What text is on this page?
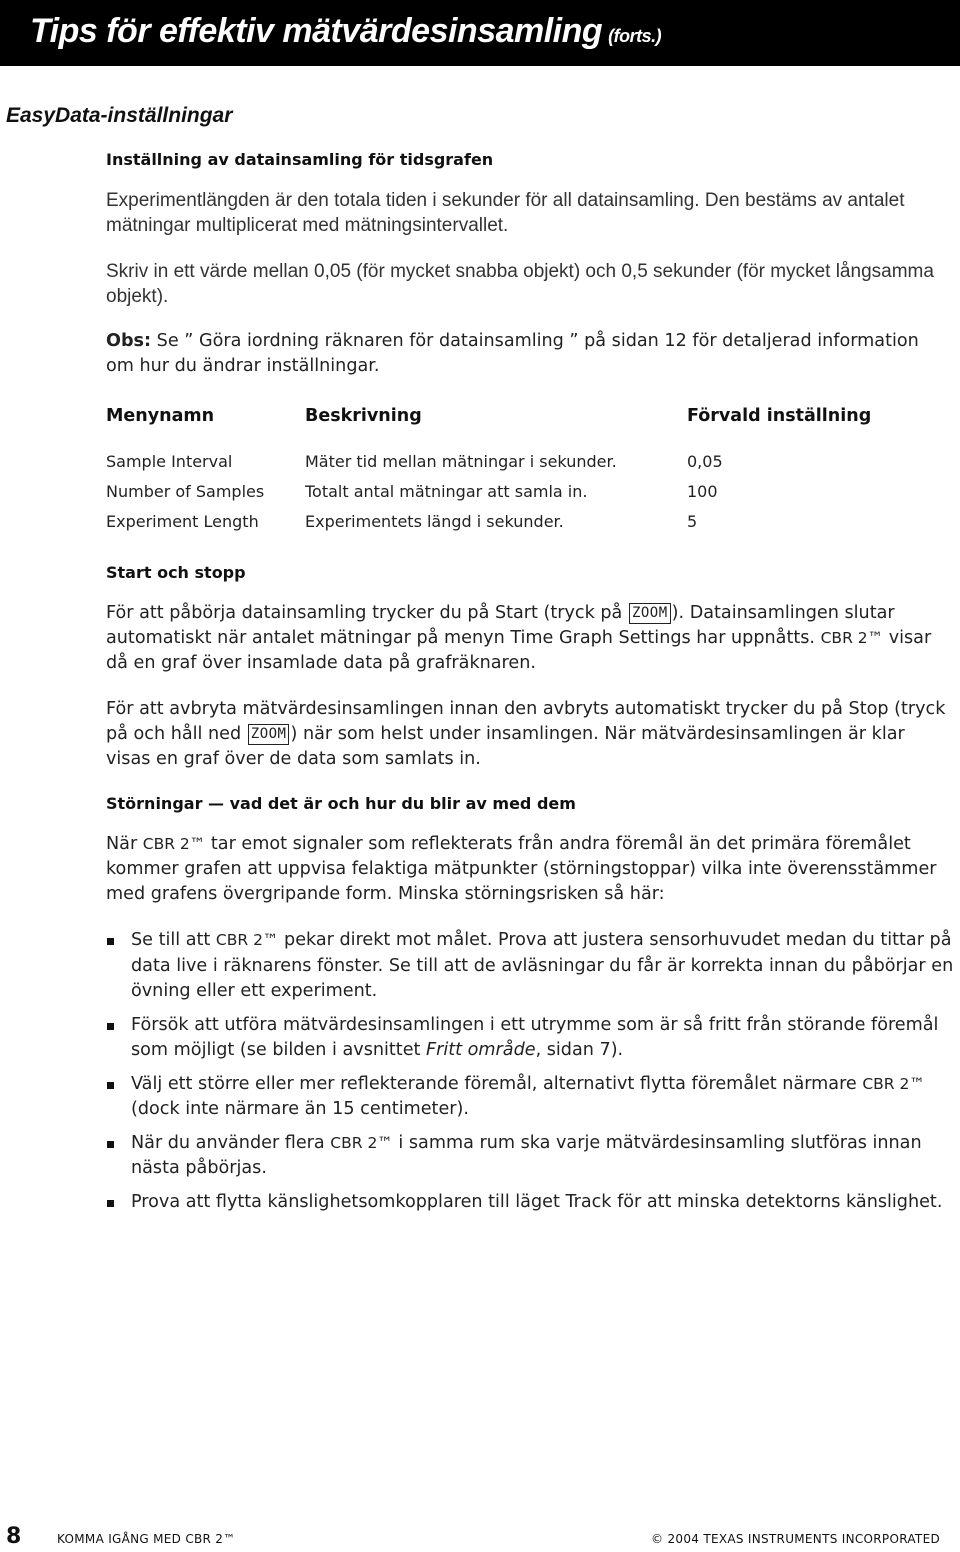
Tips för effektiv mätvärdesinsamling (forts.)
EasyData-inställningar
Inställning av datainsamling för tidsgrafen
Experimentlängden är den totala tiden i sekunder för all datainsamling. Den bestäms av antalet mätningar multiplicerat med mätningsintervallet.
Skriv in ett värde mellan 0,05 (för mycket snabba objekt) och 0,5 sekunder (för mycket långsamma objekt).
Obs: Se ” Göra iordning räknaren för datainsamling ” på sidan 12 för detaljerad information om hur du ändrar inställningar.
Menynamn	Beskrivning	Förvald inställning
Sample Interval	Mäter tid mellan mätningar i sekunder.	0,05
Number of Samples	Totalt antal mätningar att samla in.	100
Experiment Length	Experimentets längd i sekunder.	5
Start och stopp
För att påbörja datainsamling trycker du på Start (tryck på ZOOM ). Datainsamlingen slutar automatiskt när antalet mätningar på menyn Time Graph Settings har uppnåtts. CBR 2™ visar då en graf över insamlade data på grafräknaren.
För att avbryta mätvärdesinsamlingen innan den avbryts automatiskt trycker du på Stop (tryck på och håll ned ZOOM ) när som helst under insamlingen. När mätvärdesinsamlingen är klar visas en graf över de data som samlats in.
Störningar — vad det är och hur du blir av med dem
När CBR 2™ tar emot signaler som reflekterats från andra föremål än det primära föremålet kommer grafen att uppvisa felaktiga mätpunkter (störningstoppar) vilka inte överensstämmer med grafens övergripande form. Minska störningsrisken så här:
Se till att CBR 2™ pekar direkt mot målet. Prova att justera sensorhuvudet medan du tittar på data live i räknarens fönster. Se till att de avläsningar du får är korrekta innan du påbörjar en övning eller ett experiment.
Försök att utföra mätvärdesinsamlingen i ett utrymme som är så fritt från störande föremål som möjligt (se bilden i avsnittet Fritt område, sidan 7).
Välj ett större eller mer reflekterande föremål, alternativt flytta föremålet närmare CBR 2™ (dock inte närmare än 15 centimeter).
När du använder flera CBR 2™ i samma rum ska varje mätvärdesinsamling slutföras innan nästa påbörjas.
Prova att flytta känslighetsomkopplaren till läget Track för att minska detektorns känslighet.
8	KOMMA IGÅNG MED CBR 2™	© 2004 TEXAS INSTRUMENTS INCORPORATED
